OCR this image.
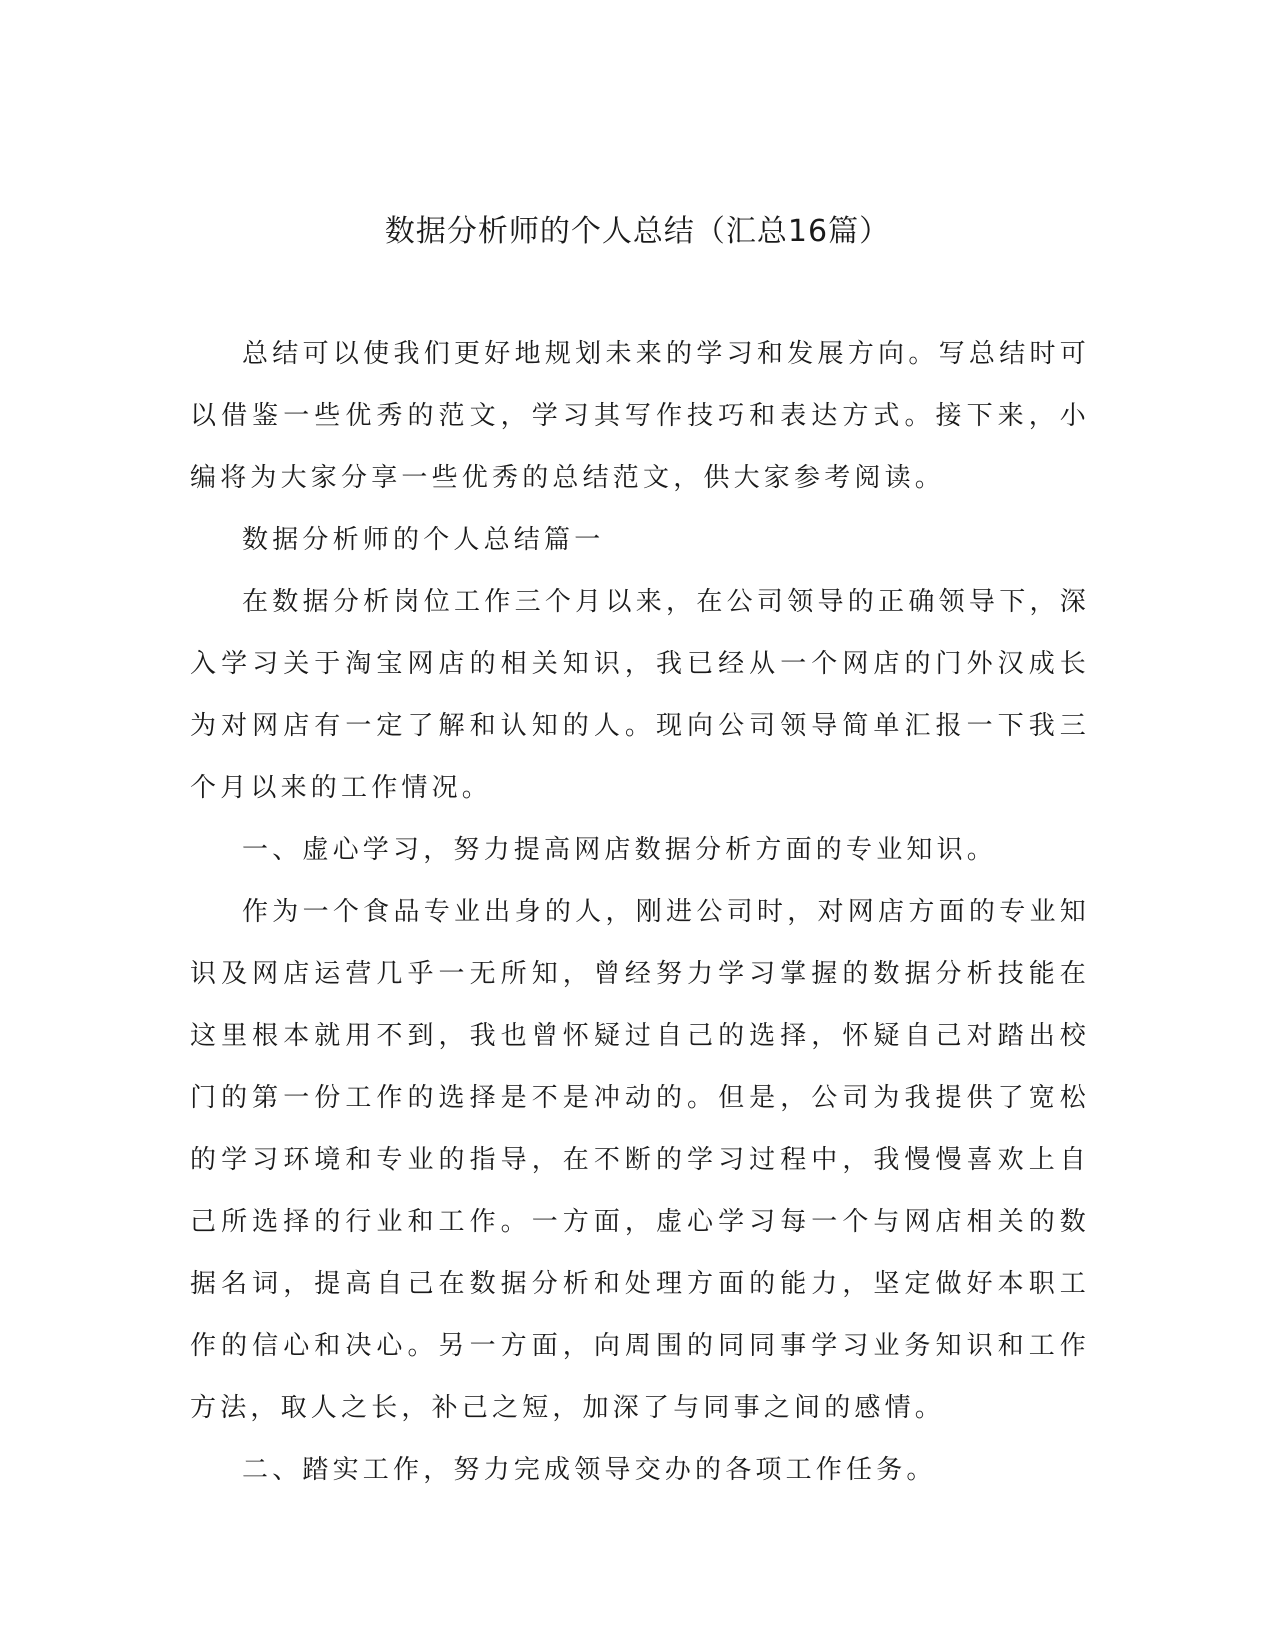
数据分析师的个人总结（汇总16篇）

总结可以使我们更好地规划未来的学习和发展方向。写总结时可以借鉴一些优秀的范文，学习其写作技巧和表达方式。接下来，小编将为大家分享一些优秀的总结范文，供大家参考阅读。

数据分析师的个人总结篇一

在数据分析岗位工作三个月以来，在公司领导的正确领导下，深入学习关于淘宝网店的相关知识，我已经从一个网店的门外汉成长为对网店有一定了解和认知的人。现向公司领导简单汇报一下我三个月以来的工作情况。

一、虚心学习，努力提高网店数据分析方面的专业知识。

作为一个食品专业出身的人，刚进公司时，对网店方面的专业知识及网店运营几乎一无所知，曾经努力学习掌握的数据分析技能在这里根本就用不到，我也曾怀疑过自己的选择，怀疑自己对踏出校门的第一份工作的选择是不是冲动的。但是，公司为我提供了宽松的学习环境和专业的指导，在不断的学习过程中，我慢慢喜欢上自己所选择的行业和工作。一方面，虚心学习每一个与网店相关的数据名词，提高自己在数据分析和处理方面的能力，坚定做好本职工作的信心和决心。另一方面，向周围的同同事学习业务知识和工作方法，取人之长，补己之短，加深了与同事之间的感情。

二、踏实工作，努力完成领导交办的各项工作任务。
